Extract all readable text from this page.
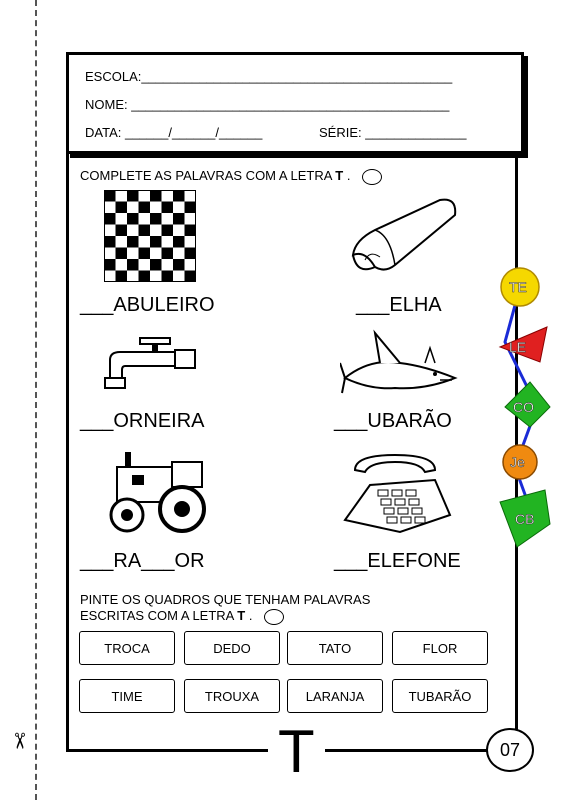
✂
ESCOLA:___________________________________________
NOME: ____________________________________________
DATA: ______/______/______	SÉRIE: ______________
COMPLETE AS PALAVRAS COM A LETRA T .
___ABULEIRO	___ELHA
___ORNEIRA	___UBARÃO
___RA___OR	___ELEFONE
PINTE OS QUADROS QUE TENHAM PALAVRAS
ESCRITAS COM A LETRA T .
TROCA	DEDO	TATO	FLOR
TIME	TROUXA	LARANJA	TUBARÃO
T	07
TE
LE
CO
Je
CB
